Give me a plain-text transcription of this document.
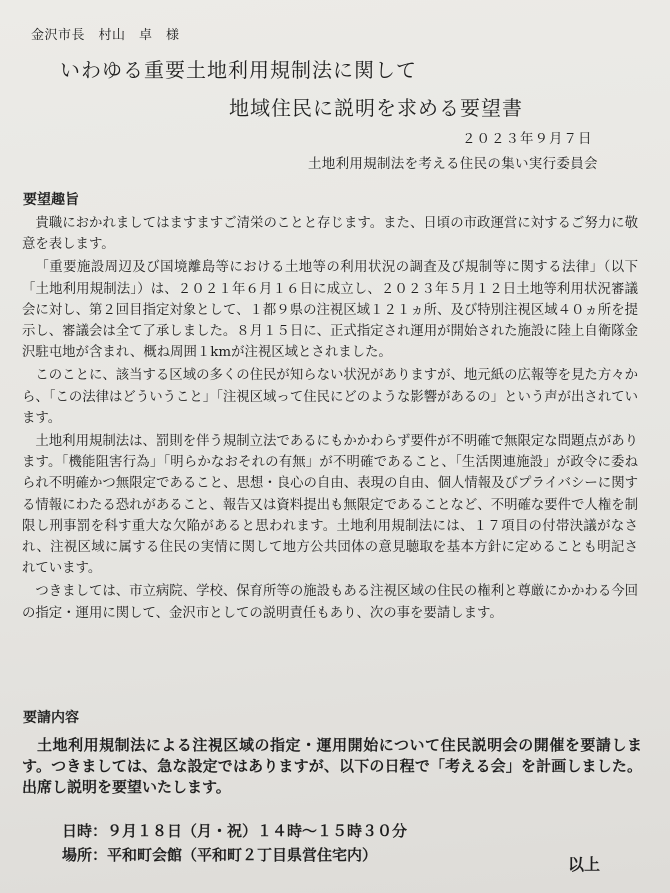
金沢市長　村山　卓　様
いわゆる重要土地利用規制法に関して
地域住民に説明を求める要望書
２０２３年９月７日
土地利用規制法を考える住民の集い実行委員会
要望趣旨

貴職におかれましてはますますご清栄のことと存じます。また、日頃の市政運営に対するご努力に敬意を表します。

「重要施設周辺及び国境離島等における土地等の利用状況の調査及び規制等に関する法律」（以下「土地利用規制法」）は、２０２１年６月１６日に成立し、２０２３年５月１２日土地等利用状況審議会に対し、第２回目指定対象として、１都９県の注視区域１２１ヵ所、及び特別注視区域４０ヵ所を提示し、審議会は全て了承しました。８月１５日に、正式指定され運用が開始された施設に陸上自衛隊金沢駐屯地が含まれ、概ね周囲１kmが注視区域とされました。

このことに、該当する区域の多くの住民が知らない状況がありますが、地元紙の広報等を見た方々から、「この法律はどういうこと」「注視区域って住民にどのような影響があるの」という声が出されています。

土地利用規制法は、罰則を伴う規制立法であるにもかかわらず要件が不明確で無限定な問題点があります。「機能阻害行為」「明らかなおそれの有無」が不明確であること、「生活関連施設」が政令に委ねられ不明確かつ無限定であること、思想・良心の自由、表現の自由、個人情報及びプライバシーに関する情報にわたる恐れがあること、報告又は資料提出も無限定であることなど、不明確な要件で人権を制限し刑事罰を科す重大な欠陥があると思われます。土地利用規制法には、１７項目の付帯決議がなされ、注視区域に属する住民の実情に関して地方公共団体の意見聴取を基本方針に定めることも明記されています。

つきましては、市立病院、学校、保育所等の施設もある注視区域の住民の権利と尊厳にかかわる今回の指定・運用に関して、金沢市としての説明責任もあり、次の事を要請します。

要請内容

土地利用規制法による注視区域の指定・運用開始について住民説明会の開催を要請します。つきましては、急な設定ではありますが、以下の日程で「考える会」を計画しました。出席し説明を要望いたします。

日時：９月１８日（月・祝）１４時～１５時３０分
場所：平和町会館（平和町２丁目県営住宅内）	以上
